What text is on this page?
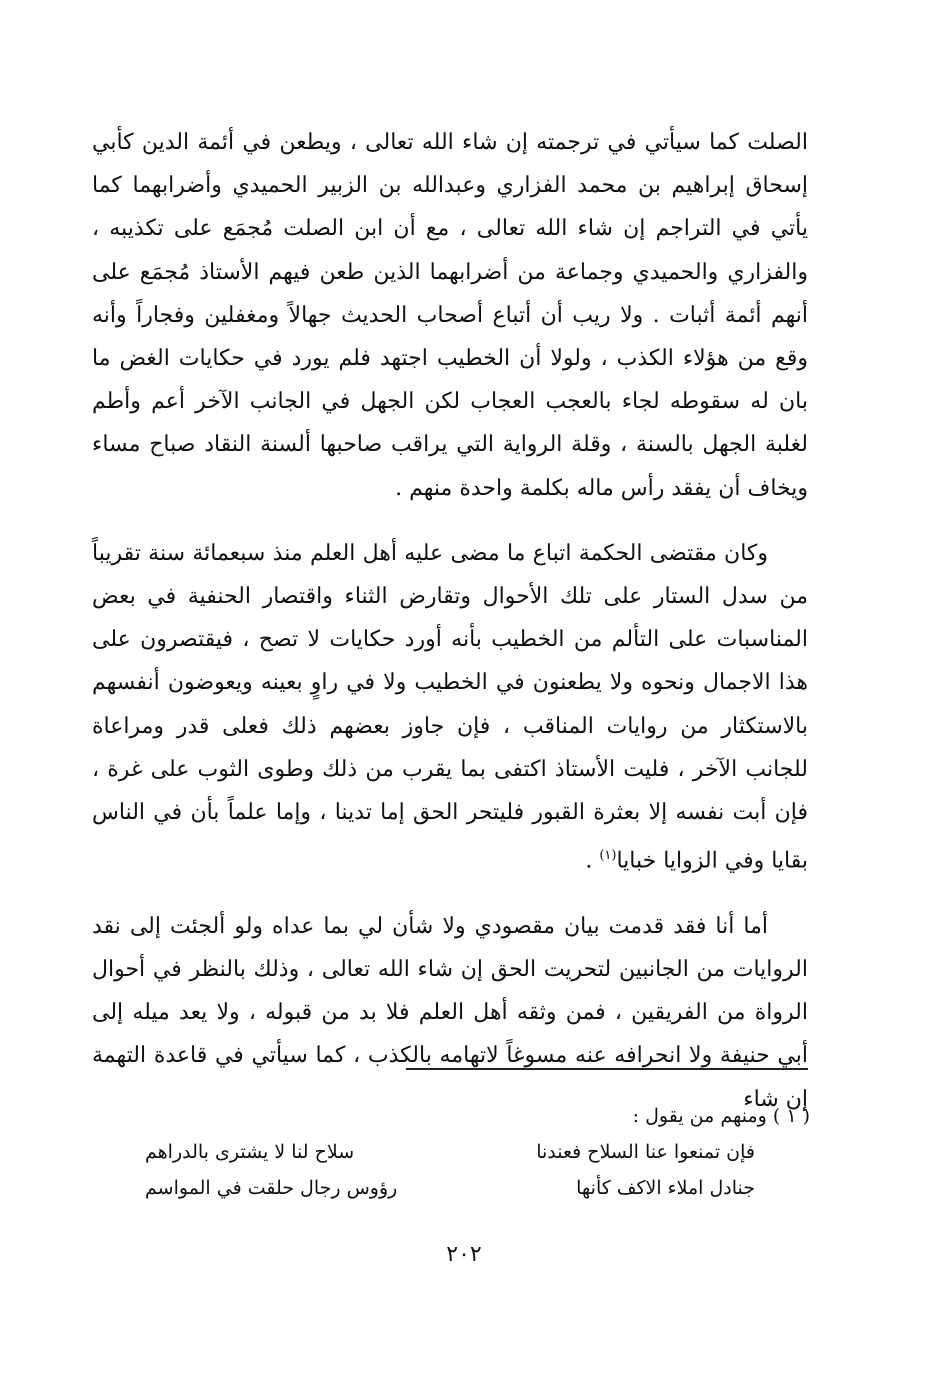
الصلت كما سيأتي في ترجمته إن شاء الله تعالى ، ويطعن في أئمة الدين كأبي إسحاق إبراهيم بن محمد الفزاري وعبدالله بن الزبير الحميدي وأضرابهما كما يأتي في التراجم إن شاء الله تعالى ، مع أن ابن الصلت مُجمَع على تكذيبه ، والفزاري والحميدي وجماعة من أضرابهما الذين طعن فيهم الأستاذ مُجمَع على أنهم أئمة أثبات . ولا ريب أن أتباع أصحاب الحديث جهالاً ومغفلين وفجاراً وأنه وقع من هؤلاء الكذب ، ولولا أن الخطيب اجتهد فلم يورد في حكايات الغض ما بان له سقوطه لجاء بالعجب العجاب لكن الجهل في الجانب الآخر أعم وأطم لغلبة الجهل بالسنة ، وقلة الرواية التي يراقب صاحبها ألسنة النقاد صباح مساء ويخاف أن يفقد رأس ماله بكلمة واحدة منهم .

وكان مقتضى الحكمة اتباع ما مضى عليه أهل العلم منذ سبعمائة سنة تقريباً من سدل الستار على تلك الأحوال وتقارض الثناء واقتصار الحنفية في بعض المناسبات على التألم من الخطيب بأنه أورد حكايات لا تصح ، فيقتصرون على هذا الاجمال ونحوه ولا يطعنون في الخطيب ولا في راوٍ بعينه ويعوضون أنفسهم بالاستكثار من روايات المناقب ، فإن جاوز بعضهم ذلك فعلى قدر ومراعاة للجانب الآخر ، فليت الأستاذ اكتفى بما يقرب من ذلك وطوى الثوب على غرة ، فإن أبت نفسه إلا بعثرة القبور فليتحر الحق إما تدينا ، وإما علماً بأن في الناس بقايا وفي الزوايا خبايا$^{(١)}$ .

أما أنا فقد قدمت بيان مقصودي ولا شأن لي بما عداه ولو ألجئت إلى نقد الروايات من الجانبين لتحريت الحق إن شاء الله تعالى ، وذلك بالنظر في أحوال الرواة من الفريقين ، فمن وثقه أهل العلم فلا بد من قبوله ، ولا يعد ميله إلى أبي حنيفة ولا انحرافه عنه مسوغاً لاتهامه بالكذب ، كما سيأتي في قاعدة التهمة إن شاء

( ١ ) ومنهم من يقول :
فإن تمنعوا عنا السلاح فعندنا
سلاح لنا لا يشترى بالدراهم
جنادل املاء الاكف كأنها
رؤوس رجال حلقت في المواسم
٢٠٢
